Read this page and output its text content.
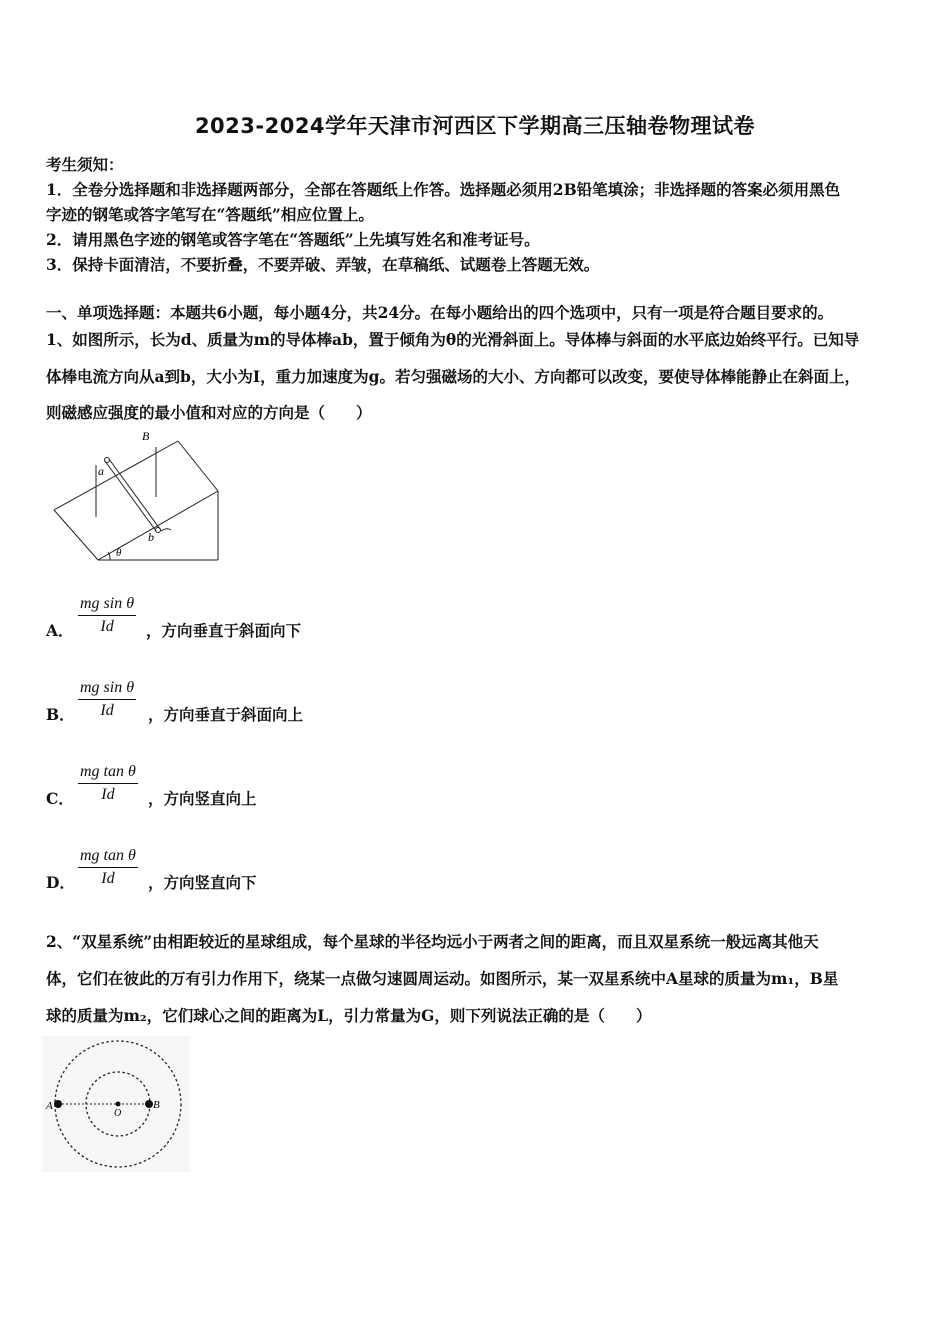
2023-2024学年天津市河西区下学期高三压轴卷物理试卷
考生须知：
1．全卷分选择题和非选择题两部分，全部在答题纸上作答。选择题必须用2B铅笔填涂；非选择题的答案必须用黑色
字迹的钢笔或答字笔写在“答题纸”相应位置上。
2．请用黑色字迹的钢笔或答字笔在“答题纸”上先填写姓名和准考证号。
3．保持卡面清洁，不要折叠，不要弄破、弄皱，在草稿纸、试题卷上答题无效。
一、单项选择题：本题共6小题，每小题4分，共24分。在每小题给出的四个选项中，只有一项是符合题目要求的。
1、如图所示，长为d、质量为m的导体棒ab，置于倾角为θ的光滑斜面上。导体棒与斜面的水平底边始终平行。已知导
体棒电流方向从a到b，大小为I，重力加速度为g。若匀强磁场的大小、方向都可以改变，要使导体棒能静止在斜面上，
则磁感应强度的最小值和对应的方向是（　　）
B
a
b
θ
$\frac{\text{mg sin θ}}{Id}$
A．	，方向垂直于斜面向下
$\frac{\text{mg sin θ}}{Id}$
B．	，方向垂直于斜面向上
$\frac{\text{mg tan θ}}{Id}$
C．	，方向竖直向上
$\frac{\text{mg tan θ}}{Id}$
D．	，方向竖直向下
2、“双星系统”由相距较近的星球组成，每个星球的半径均远小于两者之间的距离，而且双星系统一般远离其他天
体，它们在彼此的万有引力作用下，绕某一点做匀速圆周运动。如图所示，某一双星系统中A星球的质量为m₁，B星
球的质量为m₂，它们球心之间的距离为L，引力常量为G，则下列说法正确的是（　　）
A
O
B
